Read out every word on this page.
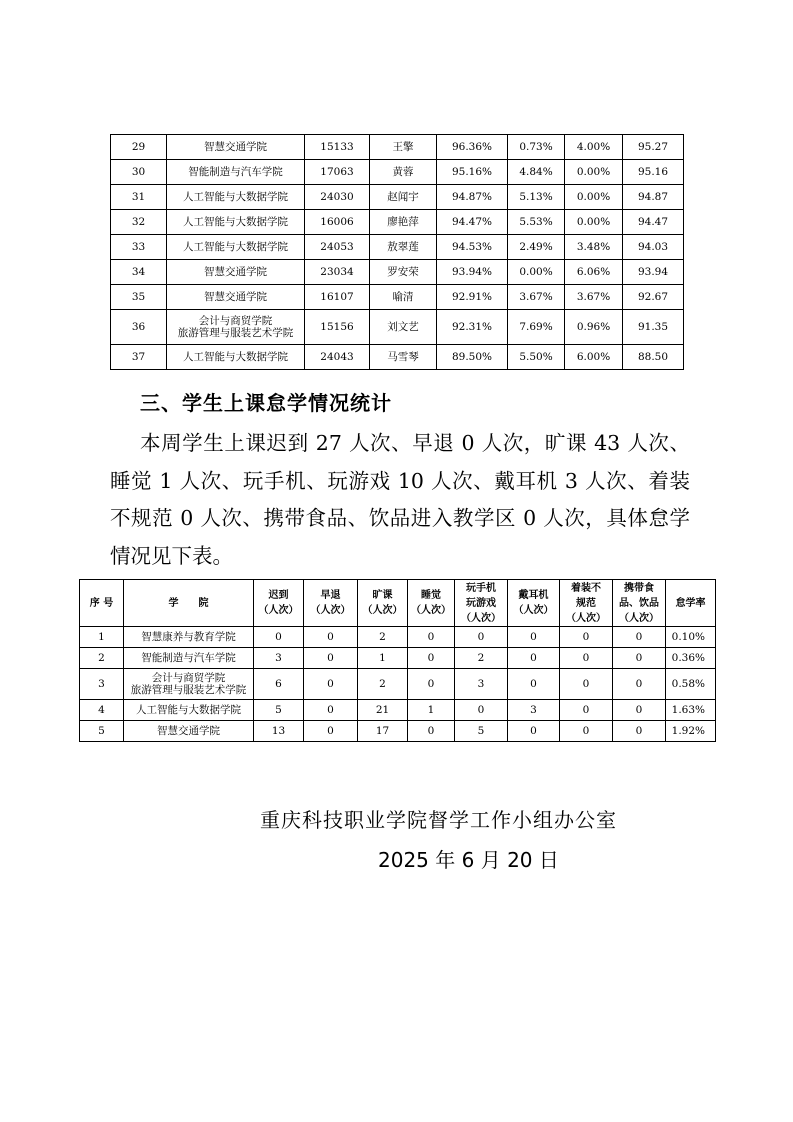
29	智慧交通学院	15133	王擎	96.36%	0.73%	4.00%	95.27
30	智能制造与汽车学院	17063	黄蓉	95.16%	4.84%	0.00%	95.16
31	人工智能与大数据学院	24030	赵闻宇	94.87%	5.13%	0.00%	94.87
32	人工智能与大数据学院	16006	廖艳萍	94.47%	5.53%	0.00%	94.47
33	人工智能与大数据学院	24053	敖翠莲	94.53%	2.49%	3.48%	94.03
34	智慧交通学院	23034	罗安荣	93.94%	0.00%	6.06%	93.94
35	智慧交通学院	16107	喻清	92.91%	3.67%	3.67%	92.67
36	会计与商贸学院
旅游管理与服装艺术学院	15156	刘文艺	92.31%	7.69%	0.96%	91.35
37	人工智能与大数据学院	24043	马雪琴	89.50%	5.50%	6.00%	88.50
三、学生上课怠学情况统计

本周学生上课迟到 27 人次、早退 0 人次，旷课 43 人次、睡觉 1 人次、玩手机、玩游戏 10 人次、戴耳机 3 人次、着装不规范 0 人次、携带食品、饮品进入教学区 0 人次，具体怠学情况见下表。

序 号	学　　院	迟到
（人次）	早退
（人次）	旷课
（人次）	睡觉
（人次）	玩手机
玩游戏
（人次）	戴耳机
（人次）	着装不
规范
（人次）	携带食
品、饮品
（人次）	怠学率
1	智慧康养与教育学院	0	0	2	0	0	0	0	0	0.10%
2	智能制造与汽车学院	3	0	1	0	2	0	0	0	0.36%
3	会计与商贸学院
旅游管理与服装艺术学院	6	0	2	0	3	0	0	0	0.58%
4	人工智能与大数据学院	5	0	21	1	0	3	0	0	1.63%
5	智慧交通学院	13	0	17	0	5	0	0	0	1.92%
重庆科技职业学院督学工作小组办公室
2025 年 6 月 20 日
